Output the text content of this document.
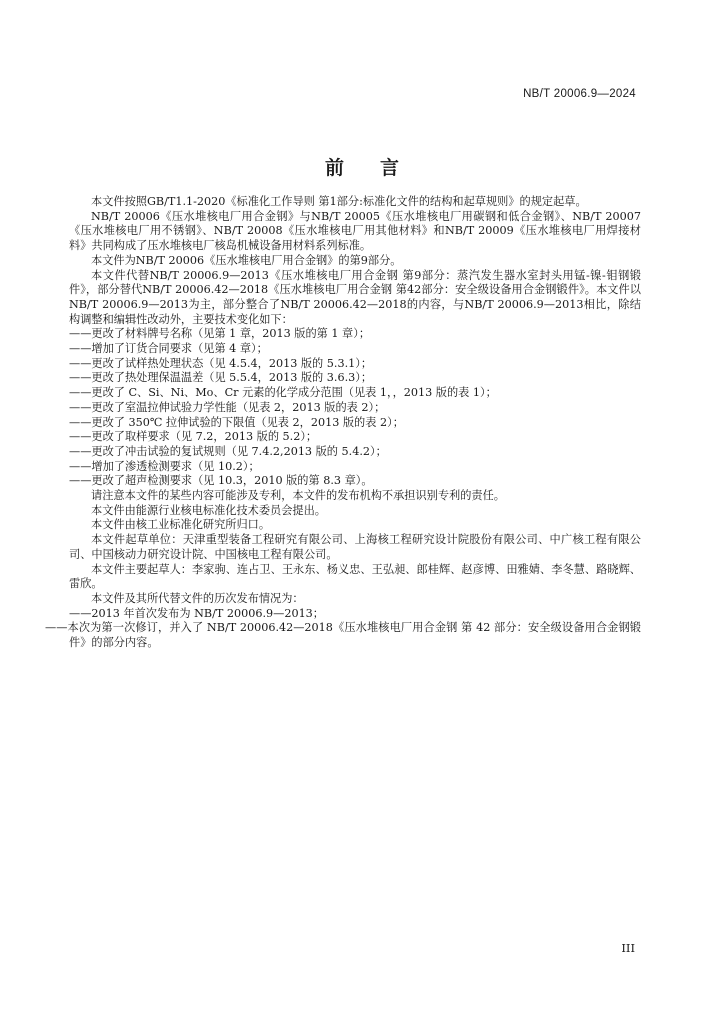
NB/T 20006.9—2024
前言

本文件按照GB/T1.1-2020《标准化工作导则 第1部分:标准化文件的结构和起草规则》的规定起草。

NB/T 20006《压水堆核电厂用合金钢》与NB/T 20005《压水堆核电厂用碳钢和低合金钢》、NB/T 20007《压水堆核电厂用不锈钢》、NB/T 20008《压水堆核电厂用其他材料》和NB/T 20009《压水堆核电厂用焊接材料》共同构成了压水堆核电厂核岛机械设备用材料系列标准。

本文件为NB/T 20006《压水堆核电厂用合金钢》的第9部分。

本文件代替NB/T 20006.9—2013《压水堆核电厂用合金钢 第9部分：蒸汽发生器水室封头用锰-镍-钼钢锻件》，部分替代NB/T 20006.42—2018《压水堆核电厂用合金钢 第42部分：安全级设备用合金钢锻件》。本文件以NB/T 20006.9—2013为主，部分整合了NB/T 20006.42—2018的内容，与NB/T 20006.9—2013相比，除结构调整和编辑性改动外，主要技术变化如下：

——更改了材料牌号名称（见第 1 章，2013 版的第 1 章）；

——增加了订货合同要求（见第 4 章）；

——更改了试样热处理状态（见 4.5.4，2013 版的 5.3.1）；

——更改了热处理保温温差（见 5.5.4，2013 版的 3.6.3）；

——更改了 C、Si、Ni、Mo、Cr 元素的化学成分范围（见表 1，，2013 版的表 1）；

——更改了室温拉伸试验力学性能（见表 2，2013 版的表 2）；

——更改了 350℃ 拉伸试验的下限值（见表 2，2013 版的表 2）；

——更改了取样要求（见 7.2，2013 版的 5.2）；

——更改了冲击试验的复试规则（见 7.4.2,2013 版的 5.4.2）；

——增加了渗透检测要求（见 10.2）；

——更改了超声检测要求（见 10.3，2010 版的第 8.3 章）。

请注意本文件的某些内容可能涉及专利，本文件的发布机构不承担识别专利的责任。

本文件由能源行业核电标准化技术委员会提出。

本文件由核工业标准化研究所归口。

本文件起草单位：天津重型装备工程研究有限公司、上海核工程研究设计院股份有限公司、中广核工程有限公司、中国核动力研究设计院、中国核电工程有限公司。

本文件主要起草人：李家驹、连占卫、王永东、杨义忠、王弘昶、郎桂辉、赵彦博、田雅婧、李冬慧、路晓辉、雷欣。

本文件及其所代替文件的历次发布情况为：

——2013 年首次发布为 NB/T 20006.9—2013；

——本次为第一次修订，并入了 NB/T 20006.42—2018《压水堆核电厂用合金钢 第 42 部分：安全级设备用合金钢锻件》的部分内容。

III
